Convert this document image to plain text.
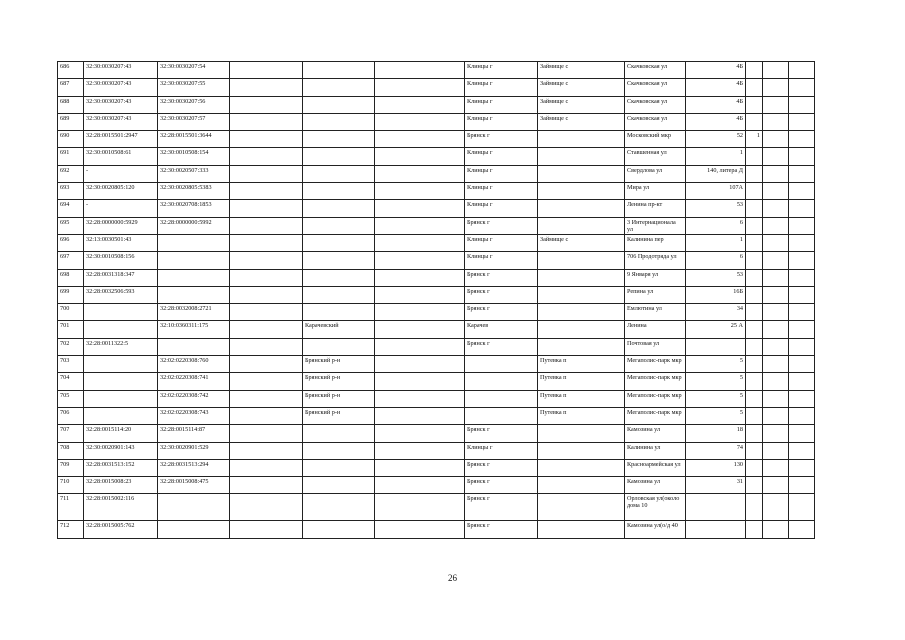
686	32:30:0030207:43	32:30:0030207:54				Клинцы г	Займище с	Скачковская ул	4Б			
687	32:30:0030207:43	32:30:0030207:55				Клинцы г	Займище с	Скачковская ул	4Б			
688	32:30:0030207:43	32:30:0030207:56				Клинцы г	Займище с	Скачковская ул	4Б			
689	32:30:0030207:43	32:30:0030207:57				Клинцы г	Займище с	Скачковская ул	4Б			
690	32:28:0015501:2947	32:28:0015501:3644				Брянск г		Московский мкр	52	1		
691	32:30:0010508:61	32:30:0010508:154				Клинцы г		Ставшенная ул	1			
692	-	32:30:0020507:333				Клинцы г		Свердлова ул	140, литера Д			
693	32:30:0020805:120	32:30:0020805:5383				Клинцы г		Мира ул	107А			
694	-	32:30:0020708:1853				Клинцы г		Ленина пр-кт	53			
695	32:28:0000000:5929	32:28:0000000:5992				Брянск г		3 Интернационала ул	6			
696	32:13:0030501:43					Клинцы г	Займище с	Калинина пер	1			
697	32:30:0010508:156					Клинцы г		706 Продотряда ул	6			
698	32:28:0031318:347					Брянск г		9 Января ул	53			
699	32:28:0032506:593					Брянск г		Репина ул	16Б			
700		32:28:0032008:2721				Брянск г		Емлютина ул	34			
701		32:10:0360311:175		Карачевский		Карачев		Ленина	25 А			
702	32:28:0011322:5					Брянск г		Почтовая ул				
703		32:02:0220308:760		Брянский р-н			Путевка п	Мегаполис-парк мкр	5			
704		32:02:0220308:741		Брянский р-н			Путевка п	Мегаполис-парк мкр	5			
705		32:02:0220308:742		Брянский р-н			Путевка п	Мегаполис-парк мкр	5			
706		32:02:0220308:743		Брянский р-н			Путевка п	Мегаполис-парк мкр	5			
707	32:28:0015114:20	32:28:0015114:87				Брянск г		Камозина ул	18			
708	32:30:0020901:143	32:30:0020901:529				Клинцы г		Калинина ул	74			
709	32:28:0031513:152	32:28:0031513:294				Брянск г		Красноармейская ул	130			
710	32:28:0015008:23	32:28:0015008:475				Брянск г		Камозина ул	31			
711	32:28:0015002:116					Брянск г		Орловская ул(около дома 10				
712	32:28:0015005:762					Брянск г		Камозина ул(о/д 40				
26
